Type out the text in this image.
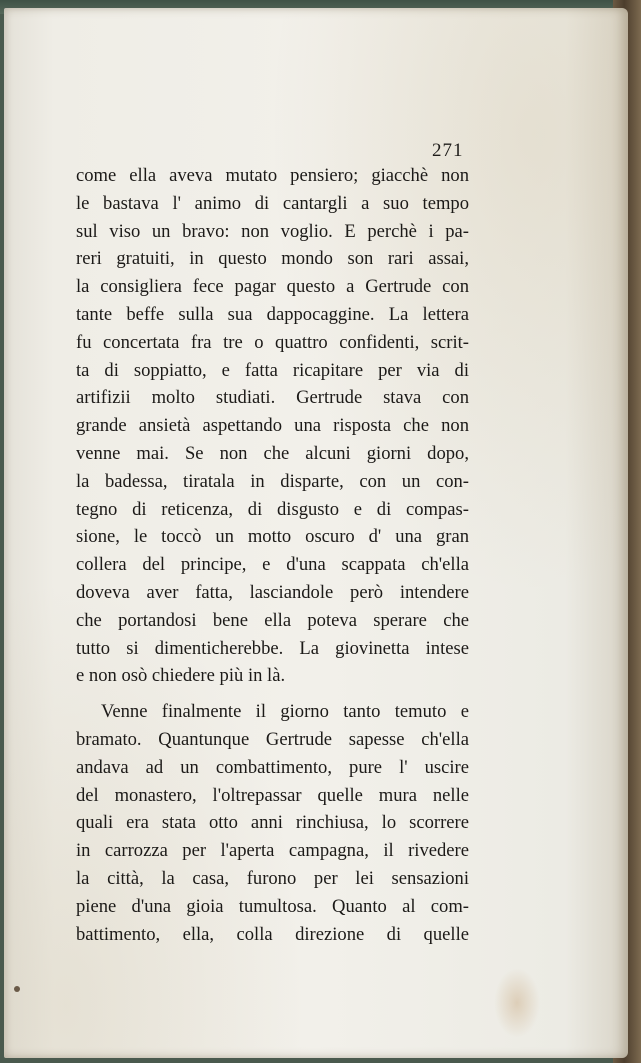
271
come ella aveva mutato pensiero; giacchè non
le bastava l' animo di cantargli a suo tempo
sul viso un bravo: non voglio. E perchè i pa-
reri gratuiti, in questo mondo son rari assai,
la consigliera fece pagar questo a Gertrude con
tante beffe sulla sua dappocaggine. La lettera
fu concertata fra tre o quattro confidenti, scrit-
ta di soppiatto, e fatta ricapitare per via di
artifizii molto studiati. Gertrude stava con
grande ansietà aspettando una risposta che non
venne mai. Se non che alcuni giorni dopo,
la badessa, tiratala in disparte, con un con-
tegno di reticenza, di disgusto e di compas-
sione, le toccò un motto oscuro d' una gran
collera del principe, e d'una scappata ch'ella
doveva aver fatta, lasciandole però intendere
che portandosi bene ella poteva sperare che
tutto si dimenticherebbe. La giovinetta intese
e non osò chiedere più in là.
Venne finalmente il giorno tanto temuto e
bramato. Quantunque Gertrude sapesse ch'ella
andava ad un combattimento, pure l' uscire
del monastero, l'oltrepassar quelle mura nelle
quali era stata otto anni rinchiusa, lo scorrere
in carrozza per l'aperta campagna, il rivedere
la città, la casa, furono per lei sensazioni
piene d'una gioia tumultosa. Quanto al com-
battimento, ella, colla direzione di quelle
